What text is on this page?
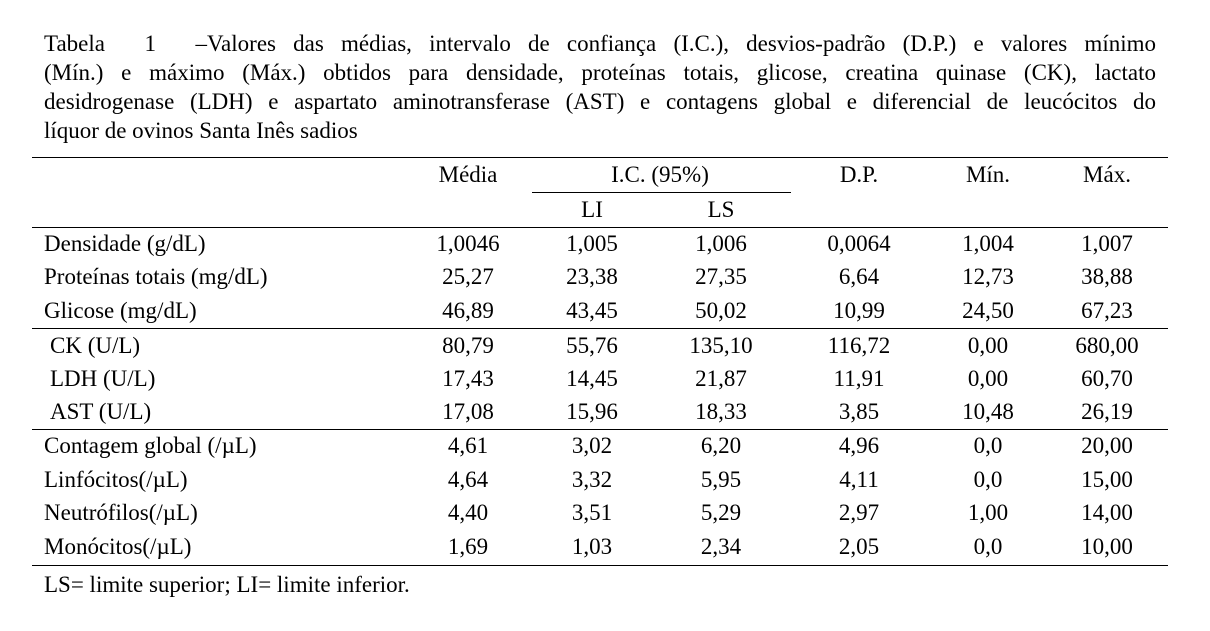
Tabela 1 –Valores das médias, intervalo de confiança (I.C.), desvios-padrão (D.P.) e valores mínimo
(Mín.) e máximo (Máx.) obtidos para densidade, proteínas totais, glicose, creatina quinase (CK), lactato
desidrogenase (LDH) e aspartato aminotransferase (AST) e contagens global e diferencial de leucócitos do
líquor de ovinos Santa Inês sadios
Média	I.C. (95%)	D.P.	Mín.	Máx.
LI	LS
Densidade (g/dL)	1,0046	1,005	1,006	0,0064	1,004	1,007
Proteínas totais (mg/dL)	25,27	23,38	27,35	6,64	12,73	38,88
Glicose (mg/dL)	46,89	43,45	50,02	10,99	24,50	67,23
CK (U/L)	80,79	55,76	135,10	116,72	0,00	680,00
LDH (U/L)	17,43	14,45	21,87	11,91	0,00	60,70
AST (U/L)	17,08	15,96	18,33	3,85	10,48	26,19
Contagem global (/µL)	4,61	3,02	6,20	4,96	0,0	20,00
Linfócitos(/µL)	4,64	3,32	5,95	4,11	0,0	15,00
Neutrófilos(/µL)	4,40	3,51	5,29	2,97	1,00	14,00
Monócitos(/µL)	1,69	1,03	2,34	2,05	0,0	10,00
LS= limite superior; LI= limite inferior.
